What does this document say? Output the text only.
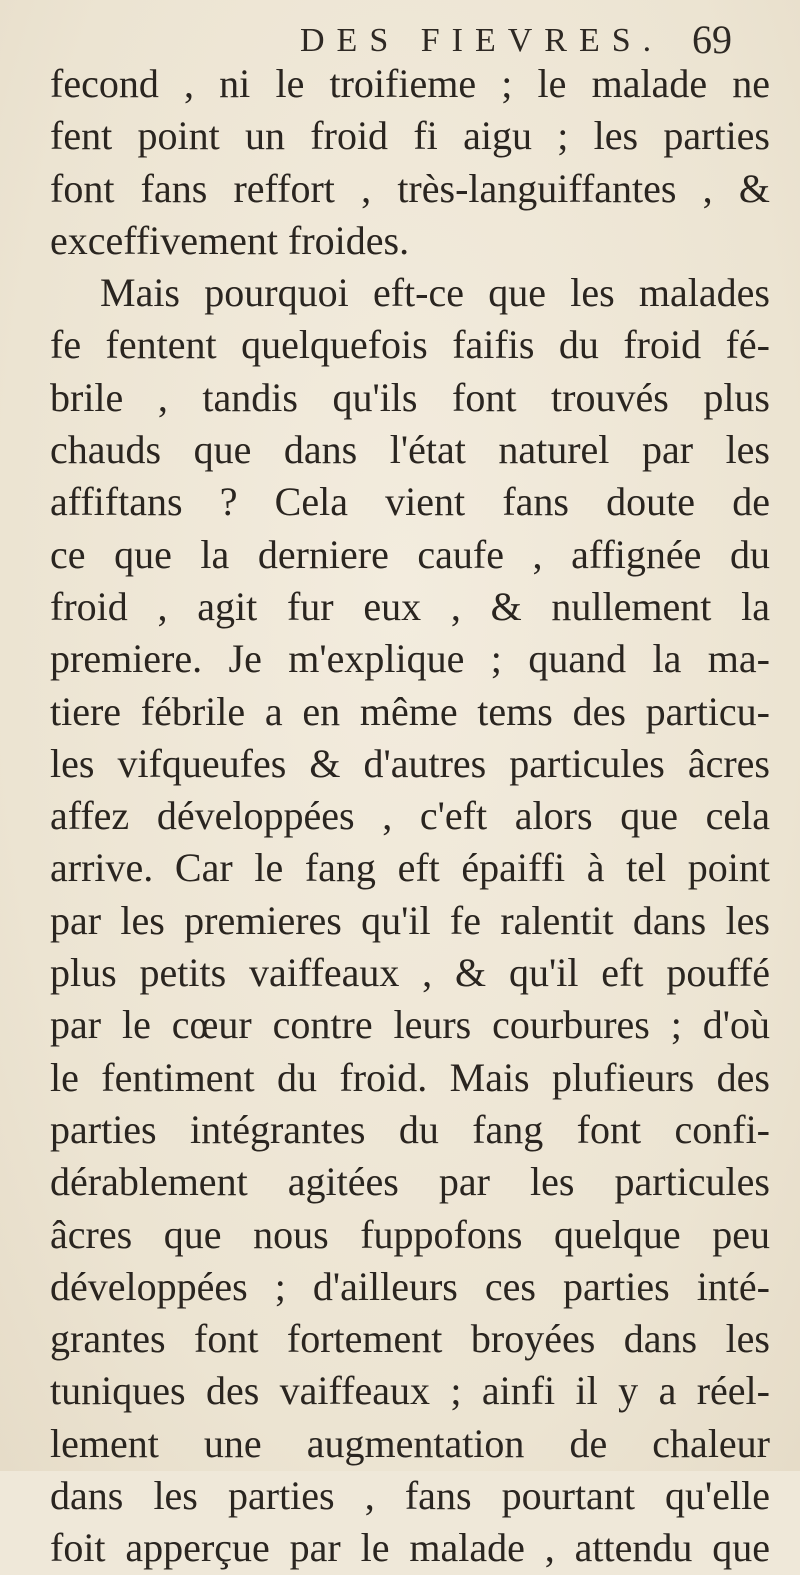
DES FIEVRES. 69
fecond , ni le troifieme ; le malade ne
fent point un froid fi aigu ; les parties
font fans reffort , très-languiffantes , &
exceffivement froides.
Mais pourquoi eft-ce que les malades
fe fentent quelquefois faifis du froid fé-
brile , tandis qu'ils font trouvés plus
chauds que dans l'état naturel par les
affiftans ? Cela vient fans doute de
ce que la derniere caufe , affignée du
froid , agit fur eux , & nullement la
premiere. Je m'explique ; quand la ma-
tiere fébrile a en même tems des particu-
les vifqueufes & d'autres particules âcres
affez développées , c'eft alors que cela
arrive. Car le fang eft épaiffi à tel point
par les premieres qu'il fe ralentit dans les
plus petits vaiffeaux , & qu'il eft pouffé
par le cœur contre leurs courbures ; d'où
le fentiment du froid. Mais plufieurs des
parties intégrantes du fang font confi-
dérablement agitées par les particules
âcres que nous fuppofons quelque peu
développées ; d'ailleurs ces parties inté-
grantes font fortement broyées dans les
tuniques des vaiffeaux ; ainfi il y a réel-
lement une augmentation de chaleur
dans les parties , fans pourtant qu'elle
foit apperçue par le malade , attendu que
